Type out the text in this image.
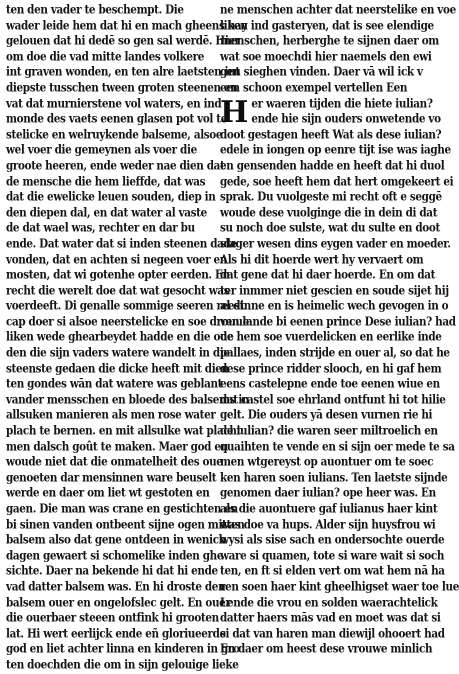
ten den vader te beschempt. Die
wader leide hem dat hi en mach gheens hay
gelouen dat hi dedē so gen sal werdē. Hier
om doe die vad mitte landes volkere
int graven wonden, en ten alre laetsten int
diepste tusschen tween groten steenen en
vat dat murnierstene vol waters, en ind
monde des vaets eenen glasen pot vol te
stelicke en welruykende balseme, alsoe
wel voer die gemeynen als voer die
groote heeren, ende weder nae dien dat
de mensche die hem lieffde, dat was
dat die ewelicke leuen souden, diep in
den diepen dal, en dat water al vaste
de dat wael was, rechter en dar bu
ende. Dat water dat si inden steenen dade
vonden, dat en achten si negeen voer en
mosten, dat wi gotenhe opter eerden. En
recht die werelt doe dat wat gesocht was
voerdeeft. Di genalle sommige seeren reest
cap doer si alsoe neerstelicke en soe drouue
liken wede ghearbeydet hadde en die oue
den die sijn vaders watere wandelt in die
steenste gedaen die dicke heeft mit dien
ten gondes wān dat watere was geblant
vander mensschen en bloede des balsems in
allsuken manieren als men rose water
plach te bernen. en mit allsulke wat placht
men dalsch goût te maken. Maer god en
woude niet dat die onmatelheit des oue
genoeten dar mensinnen ware beuselt
werde en daer om liet wt gestoten en
gaen. Die man was crane en gestichten en
bi sinen vanden ontbeent sijne ogen mitten
balsem also dat gene ontdeen in wenich
dagen gewaert si schomelike inden ghe
sichte. Daer na bekende hi dat hi ende
vad datter balsem was. En hi droste den
balsem ouer en ongelofslec gelt. En ouer
die ouerbaer steeen ontfink hi grooten
lat. Hi wert eerlijck ende eñ gloriueerde
god en liet achter linna en kinderen in gro
ten doechden die om in sijn gelouige lieke
ne menschen achter dat neerstelike en voe
liken ind gasteryen, dat is see elendige
menschen, herberghe te sijnen daer om
wat soe moechdi hier naemels den ewi
gen sieghen vinden. Daer vā wil ick v
een schoon exempel vertellen Een
H er waeren tijden die hiete iulian?
ende hie sijn ouders onwetende vo
doot gestagen heeft Wat als dese iulian?
edele in iongen op eenre tijt ise was iaghe
en gensenden hadde en heeft dat hi duol
gede, soe heeft hem dat hert omgekeert ei
sprak. Du vuolgeste mi recht oft e seggē
woude dese vuolginge die in dein di dat
su noch doe sulste, wat du sulte en doot
slager wesen dins eygen vader en moeder.
Als hi dit hoerde wert hy vervaert om
dat gene dat hi daer hoerde. En om dat
ter inmmer niet gescien en soude sijet hij
al dinne en is heimelic wech gevogen in o
ven lande bi eenen prince Dese iulian? had
de hem soe vuerdelicken en eerlike inde
pallaes, inden strijde en ouer al, so dat he
dese prince ridder slooch, en hi gaf hem
eens castelepne ende toe eenen wiue en
dat castel soe ehrland ontfunt hi tot hilie
gelt. Die ouders yā desen vurnen rie hi
de iulian? die waren seer miltroelich en
quaihten te vende en si sijn oer mede te sa
men wtgereyst op auontuer om te soec
ken haren soen iulians. Ten laetste sijnde
genomen daer iulian? ope heer was. En
als die auontuere gaf iulianus haer kint
was doe va hups. Alder sijn huysfrou wi
wysi als sise sach en ondersochte ouerde
ware si quamen, tote si ware wait si soch
ten, en ft si elden vert om wat hem nā ha
ren soen haer kint gheelhigset waer toe lue
Lende die vrou en solden waerachtelick
datter haers mās vad en moet was dat si
si dat van haren man diewijl ohooert had
En daer om heest dese vrouwe minlich
